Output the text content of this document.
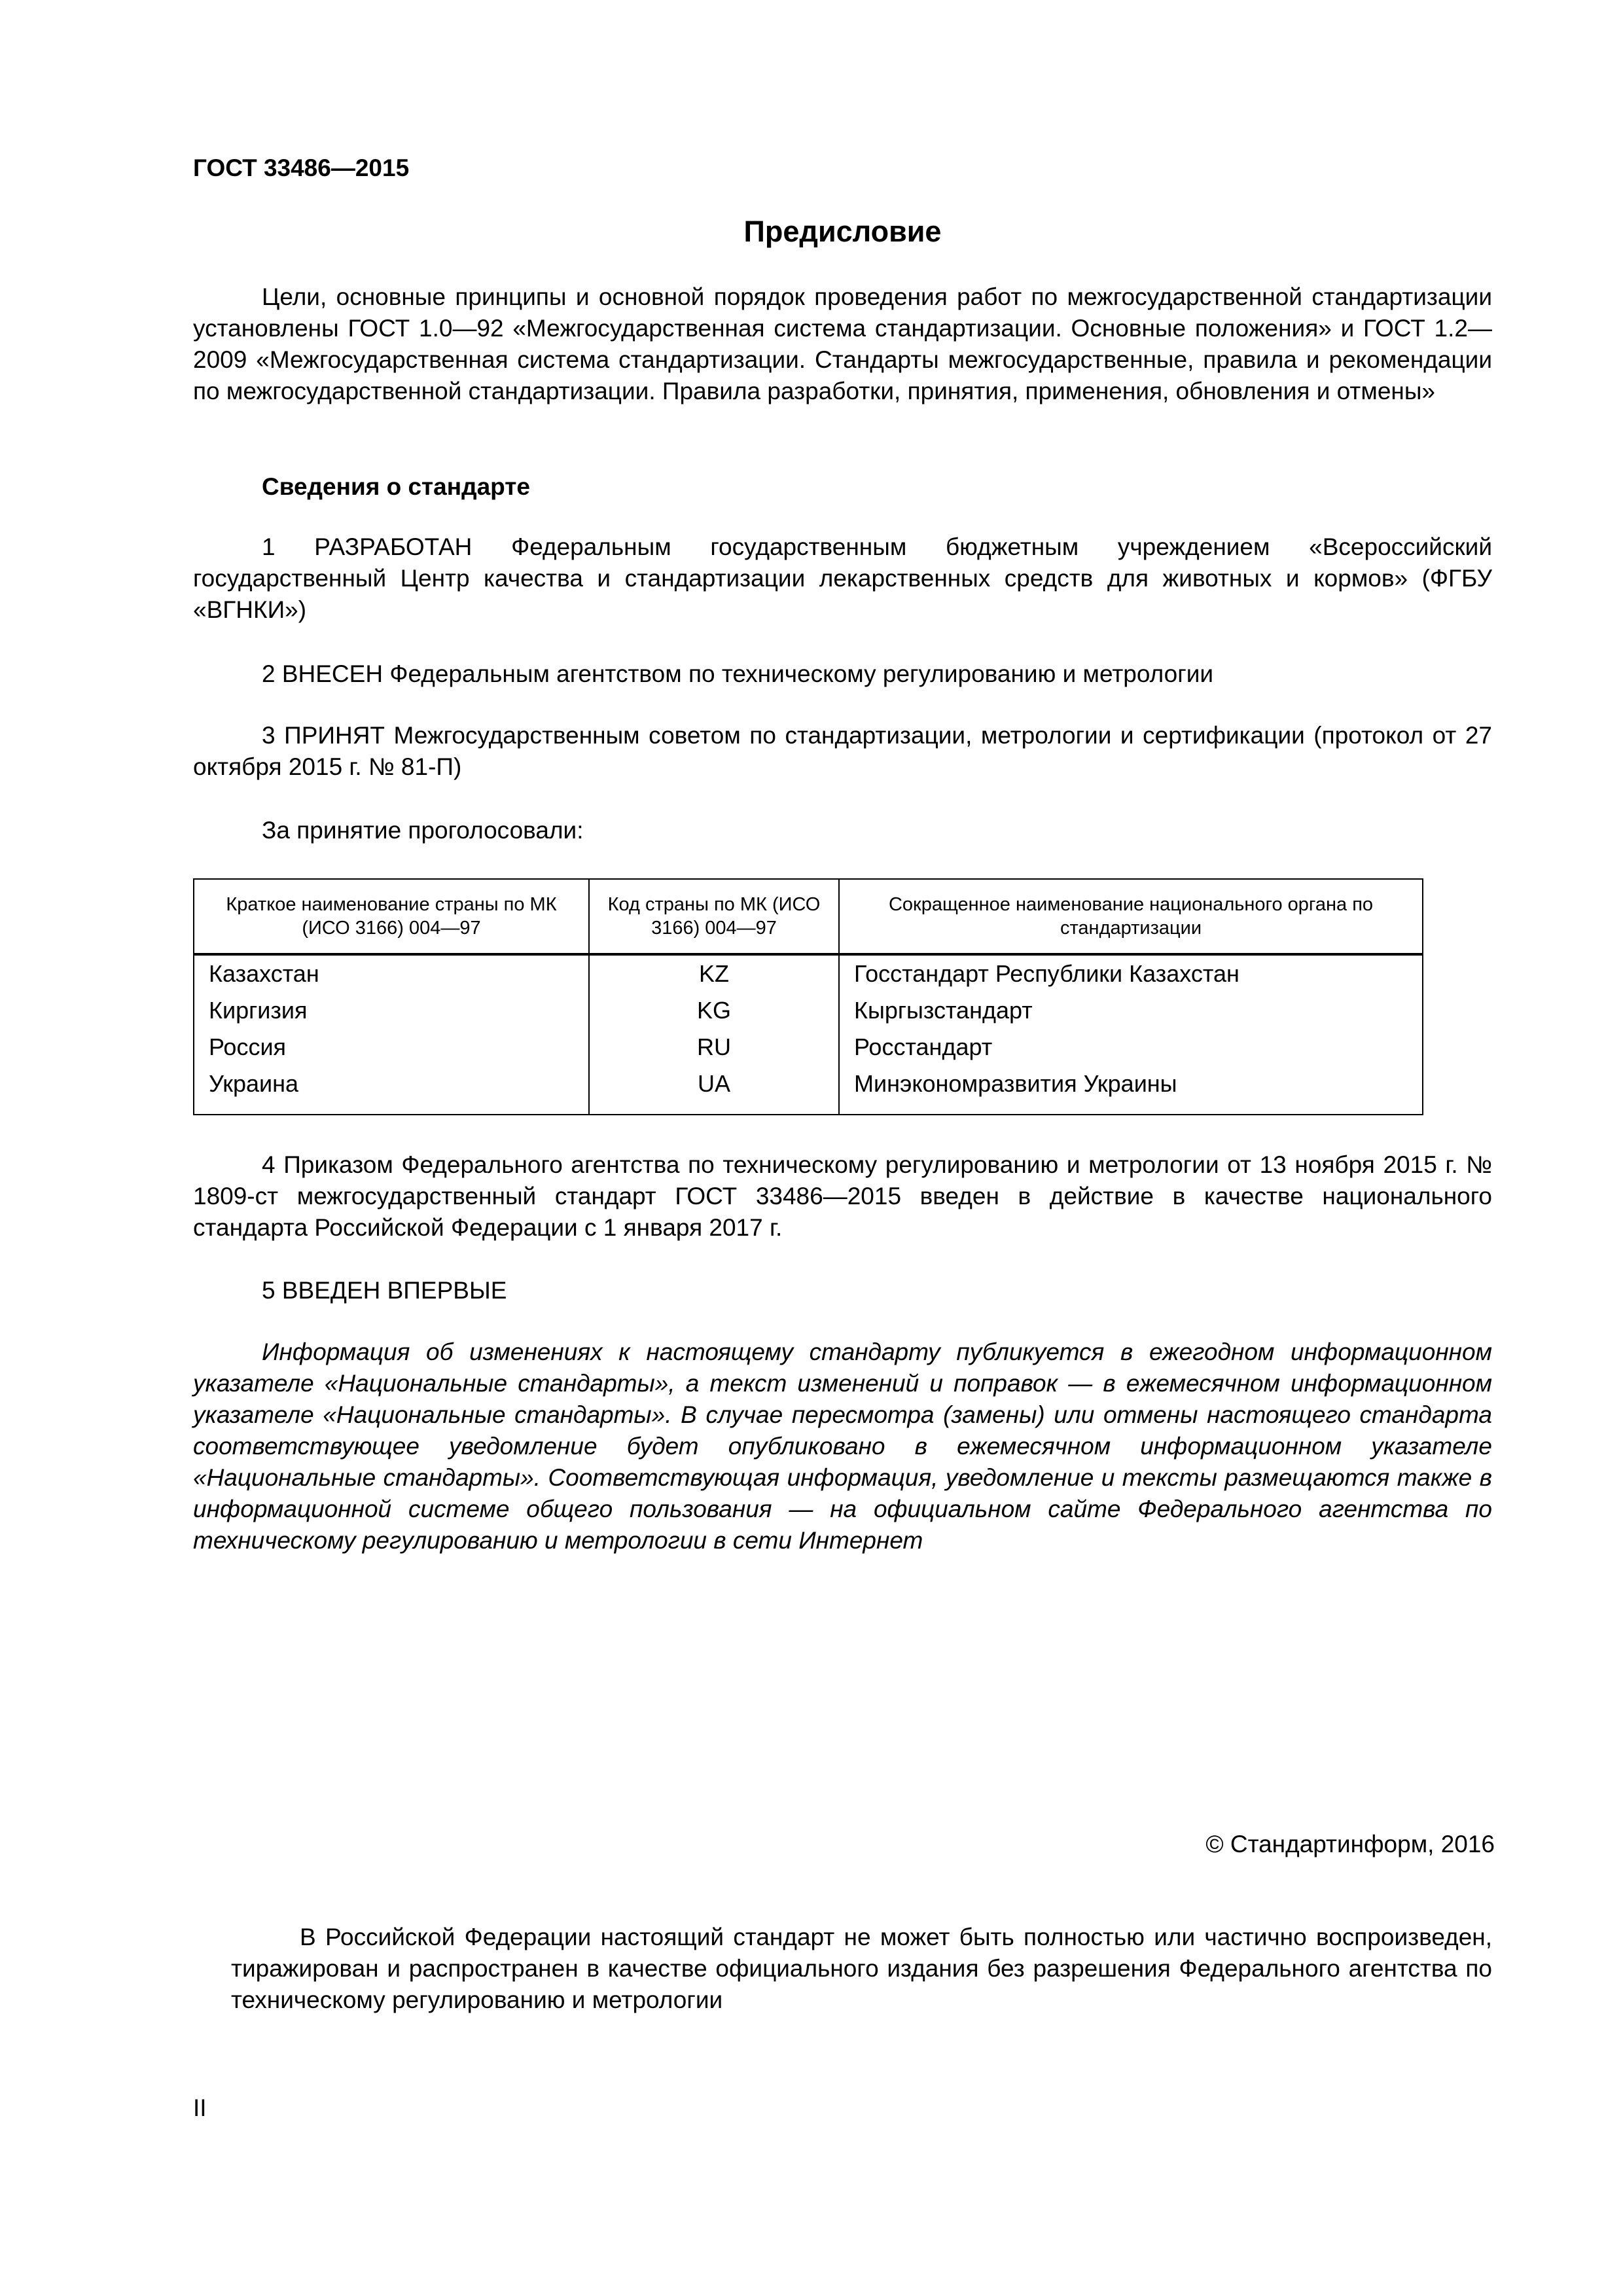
ГОСТ 33486—2015
Предисловие

Цели, основные принципы и основной порядок проведения работ по межгосударственной стандартизации установлены ГОСТ 1.0—92 «Межгосударственная система стандартизации. Основные положения» и ГОСТ 1.2—2009 «Межгосударственная система стандартизации. Стандарты межгосударственные, правила и рекомендации по межгосударственной стандартизации. Правила разработки, принятия, применения, обновления и отмены»

Сведения о стандарте

1 РАЗРАБОТАН Федеральным государственным бюджетным учреждением «Всероссийский государственный Центр качества и стандартизации лекарственных средств для животных и кормов» (ФГБУ «ВГНКИ»)

2 ВНЕСЕН Федеральным агентством по техническому регулированию и метрологии

3 ПРИНЯТ Межгосударственным советом по стандартизации, метрологии и сертификации (протокол от 27 октября 2015 г. № 81-П)

За принятие проголосовали:

Краткое наименование страны по МК (ИСО 3166) 004—97	Код страны по МК (ИСО 3166) 004—97	Сокращенное наименование национального органа по стандартизации
Казахстан	KZ	Госстандарт Республики Казахстан
Киргизия	KG	Кыргызстандарт
Россия	RU	Росстандарт
Украина	UA	Минэкономразвития Украины

4 Приказом Федерального агентства по техническому регулированию и метрологии от 13 ноября 2015 г. № 1809-ст межгосударственный стандарт ГОСТ 33486—2015 введен в действие в качестве национального стандарта Российской Федерации с 1 января 2017 г.

5 ВВЕДЕН ВПЕРВЫЕ

Информация об изменениях к настоящему стандарту публикуется в ежегодном информационном указателе «Национальные стандарты», а текст изменений и поправок — в ежемесячном информационном указателе «Национальные стандарты». В случае пересмотра (замены) или отмены настоящего стандарта соответствующее уведомление будет опубликовано в ежемесячном информационном указателе «Национальные стандарты». Соответствующая информация, уведомление и тексты размещаются также в информационной системе общего пользования — на официальном сайте Федерального агентства по техническому регулированию и метрологии в сети Интернет

© Стандартинформ, 2016

В Российской Федерации настоящий стандарт не может быть полностью или частично воспроизведен, тиражирован и распространен в качестве официального издания без разрешения Федерального агентства по техническому регулированию и метрологии

II
